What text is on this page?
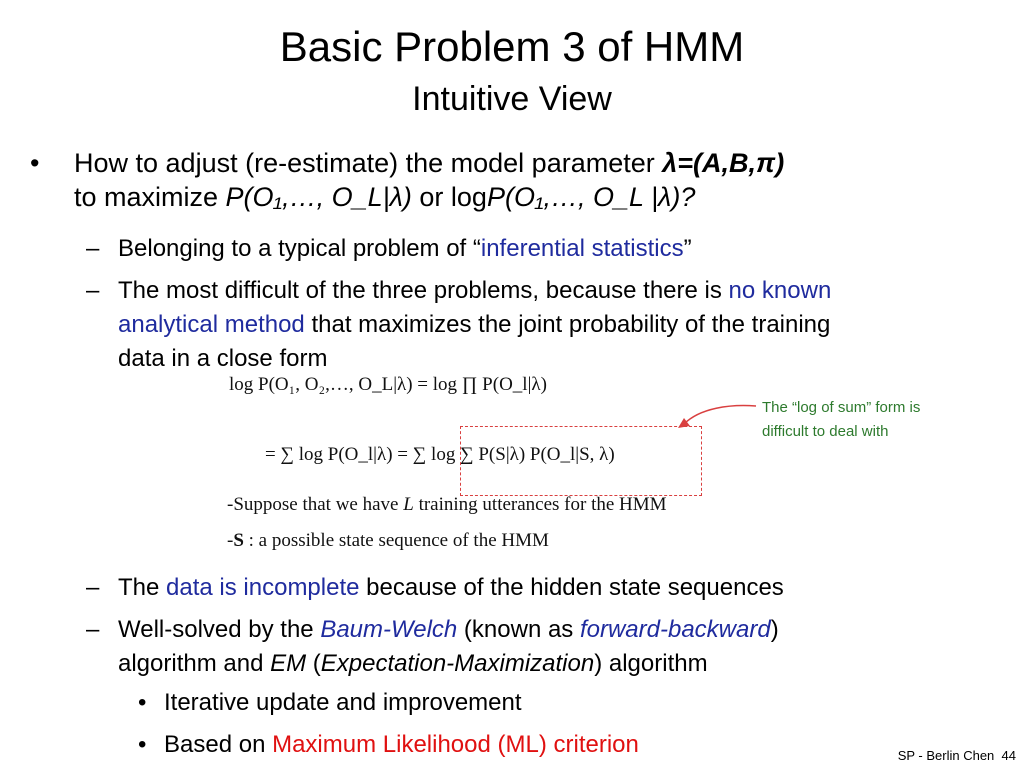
Basic Problem 3 of HMM
Intuitive View
• How to adjust (re-estimate) the model parameter λ=(A,B,π)
to maximize P(O₁,…, O_L|λ) or logP(O₁,…, O_L |λ)?
– Belonging to a typical problem of “inferential statistics”
– The most difficult of the three problems, because there is no known
analytical method that maximizes the joint probability of the training
data in a close form
log P(O₁, O₂,…, O_L|λ) = log ∏ P(O_l|λ)
= ∑ log P(O_l|λ) = ∑ log ∑ P(S|λ) P(O_l|S, λ)
-Suppose that we have L training utterances for the HMM
-S : a possible state sequence of the HMM
The “log of sum” form is
difficult to deal with
– The data is incomplete because of the hidden state sequences
– Well-solved by the Baum-Welch (known as forward-backward)
algorithm and EM (Expectation-Maximization) algorithm
• Iterative update and improvement
• Based on Maximum Likelihood (ML) criterion	SP - Berlin Chen 44
